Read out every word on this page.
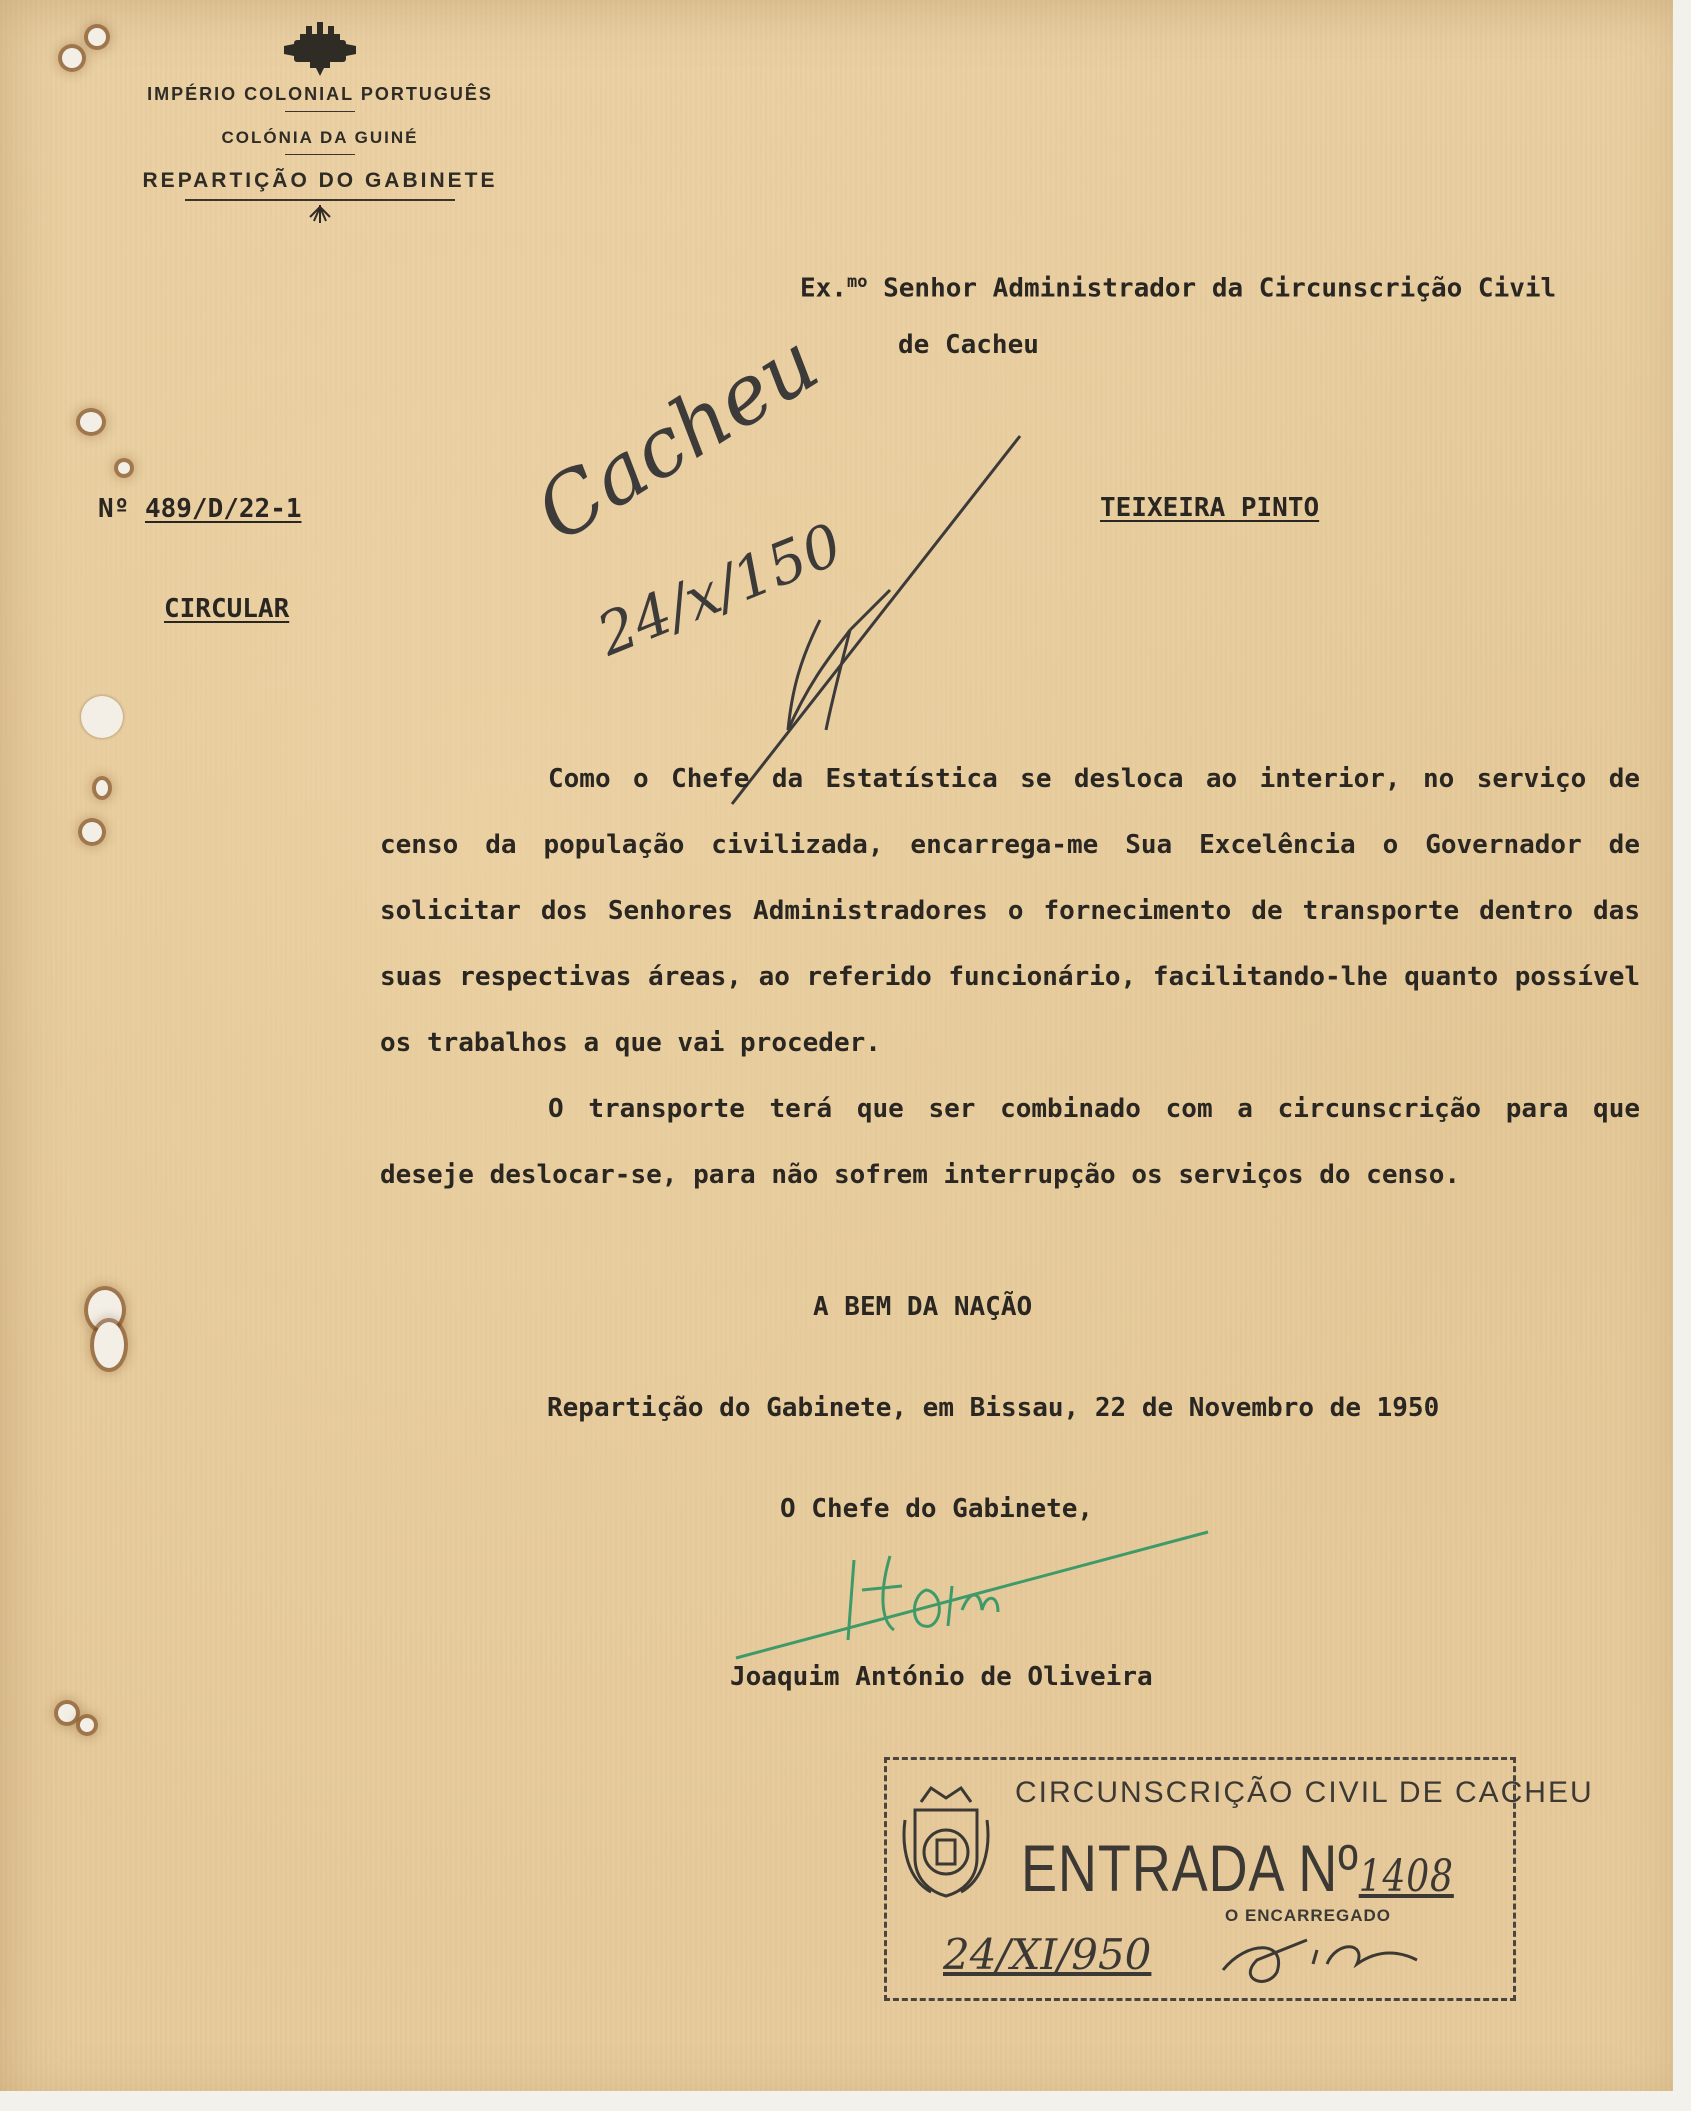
IMPÉRIO COLONIAL PORTUGUÊS
COLÓNIA DA GUINÉ
REPARTIÇÃO DO GABINETE
Ex.$^{mo}$ Senhor Administrador da Circunscrição Civil
de Cacheu
Nº 489/D/22-1
CIRCULAR
TEIXEIRA PINTO
Cacheu
24/x/150

Como o Chefe da Estatística se desloca ao interior, no serviço de censo da população civilizada, encarrega-me Sua Excelência o Governador de solicitar dos Senhores Administradores o fornecimento de transporte dentro das suas respectivas áreas, ao referido funcionário, facilitando-lhe quanto possível os trabalhos a que vai proceder.

O transporte terá que ser combinado com a circunscrição para que deseje deslocar-se, para não sofrem interrupção os serviços do censo.

A BEM DA NAÇÃO
Repartição do Gabinete, em Bissau, 22 de Novembro de 1950
O Chefe do Gabinete,
Joaquim António de Oliveira
CIRCUNSCRIÇÃO CIVIL DE CACHEU
ENTRADA Nº1408
O ENCARREGADO
24/XI/950
